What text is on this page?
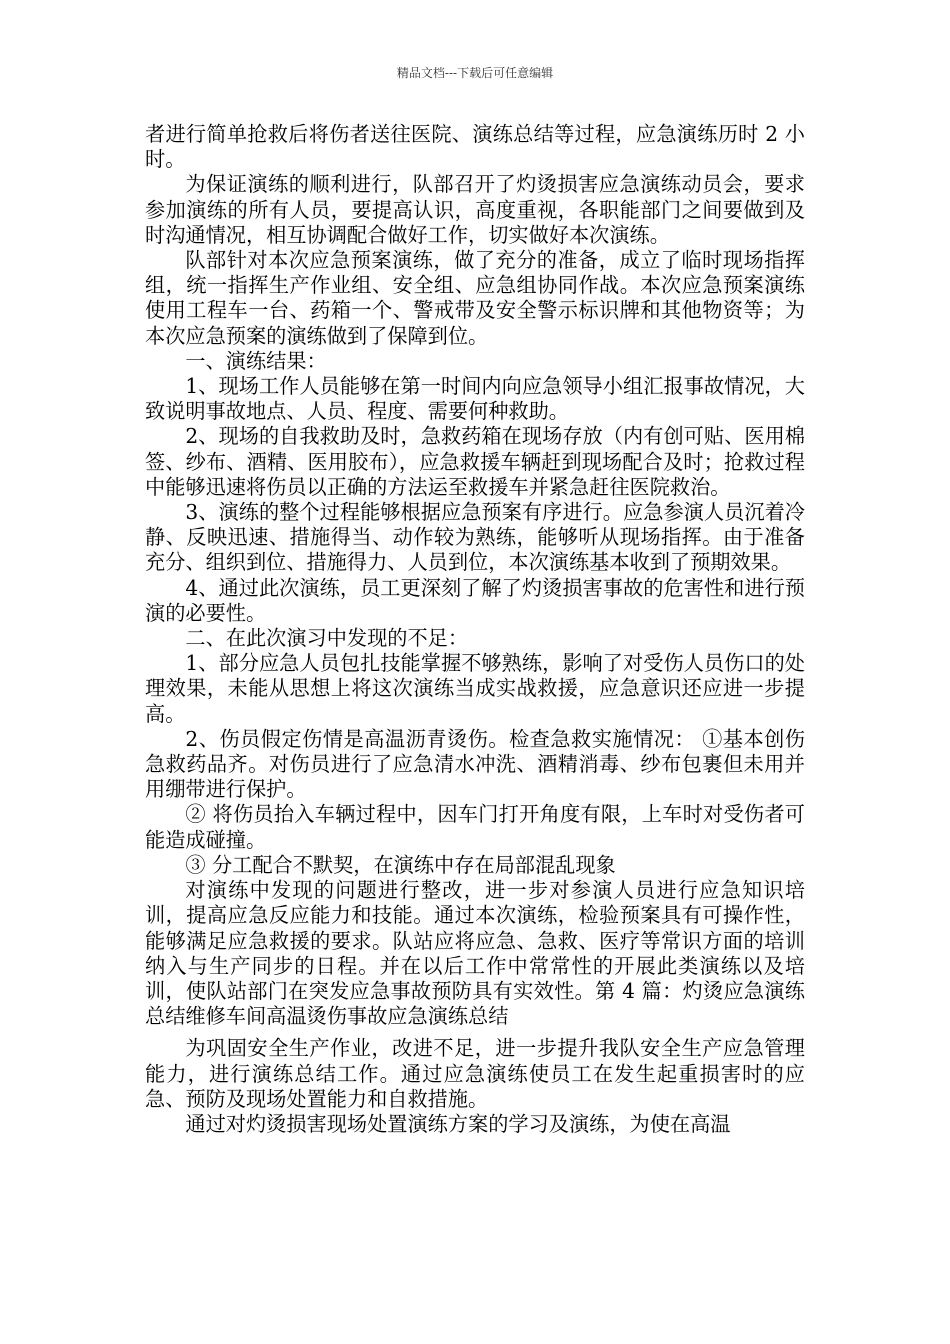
精品文档---下载后可任意编辑

者进行简单抢救后将伤者送往医院、演练总结等过程，应急演练历时 2 小时。

为保证演练的顺利进行，队部召开了灼烫损害应急演练动员会，要求参加演练的所有人员，要提高认识，高度重视，各职能部门之间要做到及时沟通情况，相互协调配合做好工作，切实做好本次演练。

队部针对本次应急预案演练，做了充分的准备，成立了临时现场指挥组，统一指挥生产作业组、安全组、应急组协同作战。本次应急预案演练使用工程车一台、药箱一个、警戒带及安全警示标识牌和其他物资等；为本次应急预案的演练做到了保障到位。

一、演练结果：

1、现场工作人员能够在第一时间内向应急领导小组汇报事故情况，大致说明事故地点、人员、程度、需要何种救助。

2、现场的自我救助及时，急救药箱在现场存放（内有创可贴、医用棉签、纱布、酒精、医用胶布），应急救援车辆赶到现场配合及时；抢救过程中能够迅速将伤员以正确的方法运至救援车并紧急赶往医院救治。

3、演练的整个过程能够根据应急预案有序进行。应急参演人员沉着冷静、反映迅速、措施得当、动作较为熟练，能够听从现场指挥。由于准备充分、组织到位、措施得力、人员到位，本次演练基本收到了预期效果。

4、通过此次演练，员工更深刻了解了灼烫损害事故的危害性和进行预演的必要性。

二、在此次演习中发现的不足：

1、部分应急人员包扎技能掌握不够熟练，影响了对受伤人员伤口的处理效果，未能从思想上将这次演练当成实战救援，应急意识还应进一步提高。

2、伤员假定伤情是高温沥青烫伤。检查急救实施情况： ①基本创伤急救药品齐。对伤员进行了应急清水冲洗、酒精消毒、纱布包裹但未用并用绷带进行保护。

② 将伤员抬入车辆过程中，因车门打开角度有限，上车时对受伤者可能造成碰撞。

③ 分工配合不默契，在演练中存在局部混乱现象

对演练中发现的问题进行整改，进一步对参演人员进行应急知识培训，提高应急反应能力和技能。通过本次演练，检验预案具有可操作性，能够满足应急救援的要求。队站应将应急、急救、医疗等常识方面的培训纳入与生产同步的日程。并在以后工作中常常性的开展此类演练以及培训，使队站部门在突发应急事故预防具有实效性。第 4 篇：灼烫应急演练总结维修车间高温烫伤事故应急演练总结

为巩固安全生产作业，改进不足，进一步提升我队安全生产应急管理能力，进行演练总结工作。通过应急演练使员工在发生起重损害时的应急、预防及现场处置能力和自救措施。

通过对灼烫损害现场处置演练方案的学习及演练，为使在高温
